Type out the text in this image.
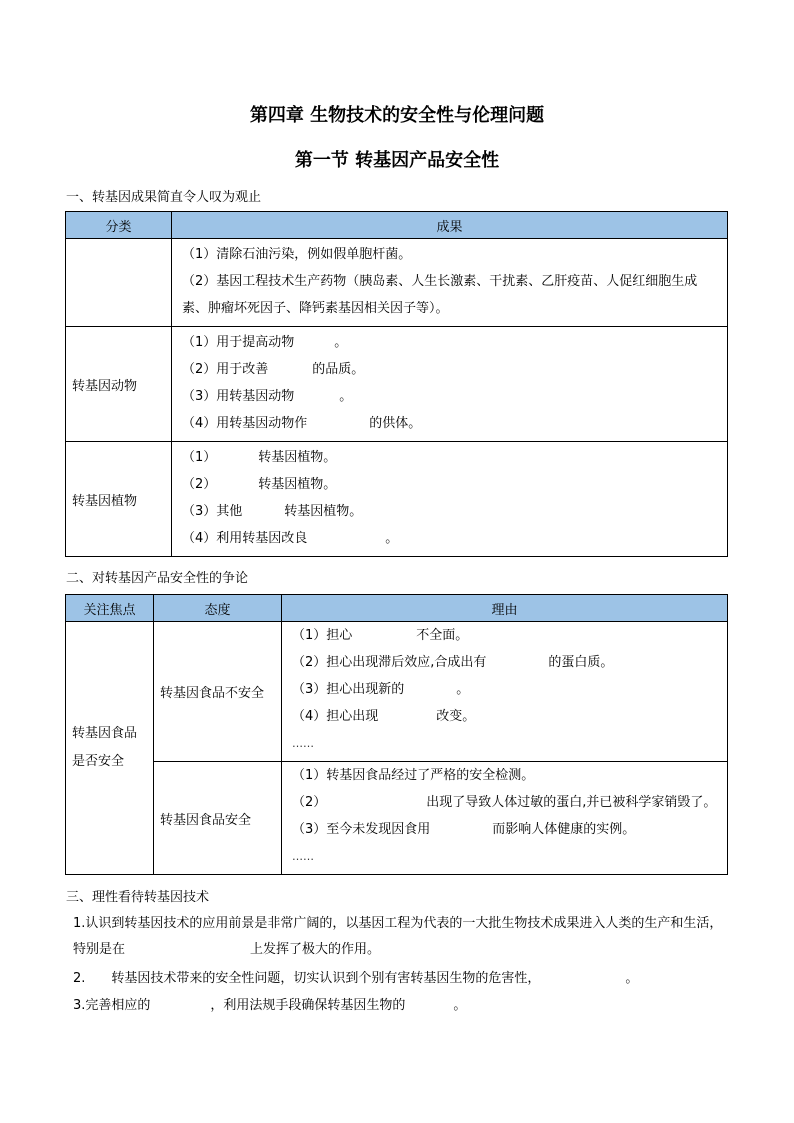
第四章 生物技术的安全性与伦理问题
第一节 转基因产品安全性
一、转基因成果简直令人叹为观止
分类	成果

	（1）清除石油污染，例如假单胞杆菌。
（2）基因工程技术生产药物（胰岛素、人生长激素、干扰素、乙肝疫苗、人促红细胞生成素、肿瘤坏死因子、降钙素基因相关因子等）。

转基因动物	（1）用于提高动物 。
（2）用于改善 的品质。
（3）用转基因动物 。
（4）用转基因动物作 的供体。

转基因植物	（1） 转基因植物。
（2） 转基因植物。
（3）其他 转基因植物。
（4）利用转基因改良 。
二、对转基因产品安全性的争论
关注焦点	态度	理由
转基因食品是否安全	转基因食品不安全	（1）担心 不全面。
（2）担心出现滞后效应,合成出有 的蛋白质。
（3）担心出现新的 。
（4）担心出现 改变。
……

	转基因食品安全	（1）转基因食品经过了严格的安全检测。
（2） 出现了导致人体过敏的蛋白,并已被科学家销毁了。
（3）至今未发现因食用 而影响人体健康的实例。
……
三、理性看待转基因技术
1.认识到转基因技术的应用前景是非常广阔的，以基因工程为代表的一大批生物技术成果进入人类的生产和生活，特别是在	上发挥了极大的作用。
2. 转基因技术带来的安全性问题，切实认识到个别有害转基因生物的危害性，	。
3.完善相应的	，利用法规手段确保转基因生物的	。
